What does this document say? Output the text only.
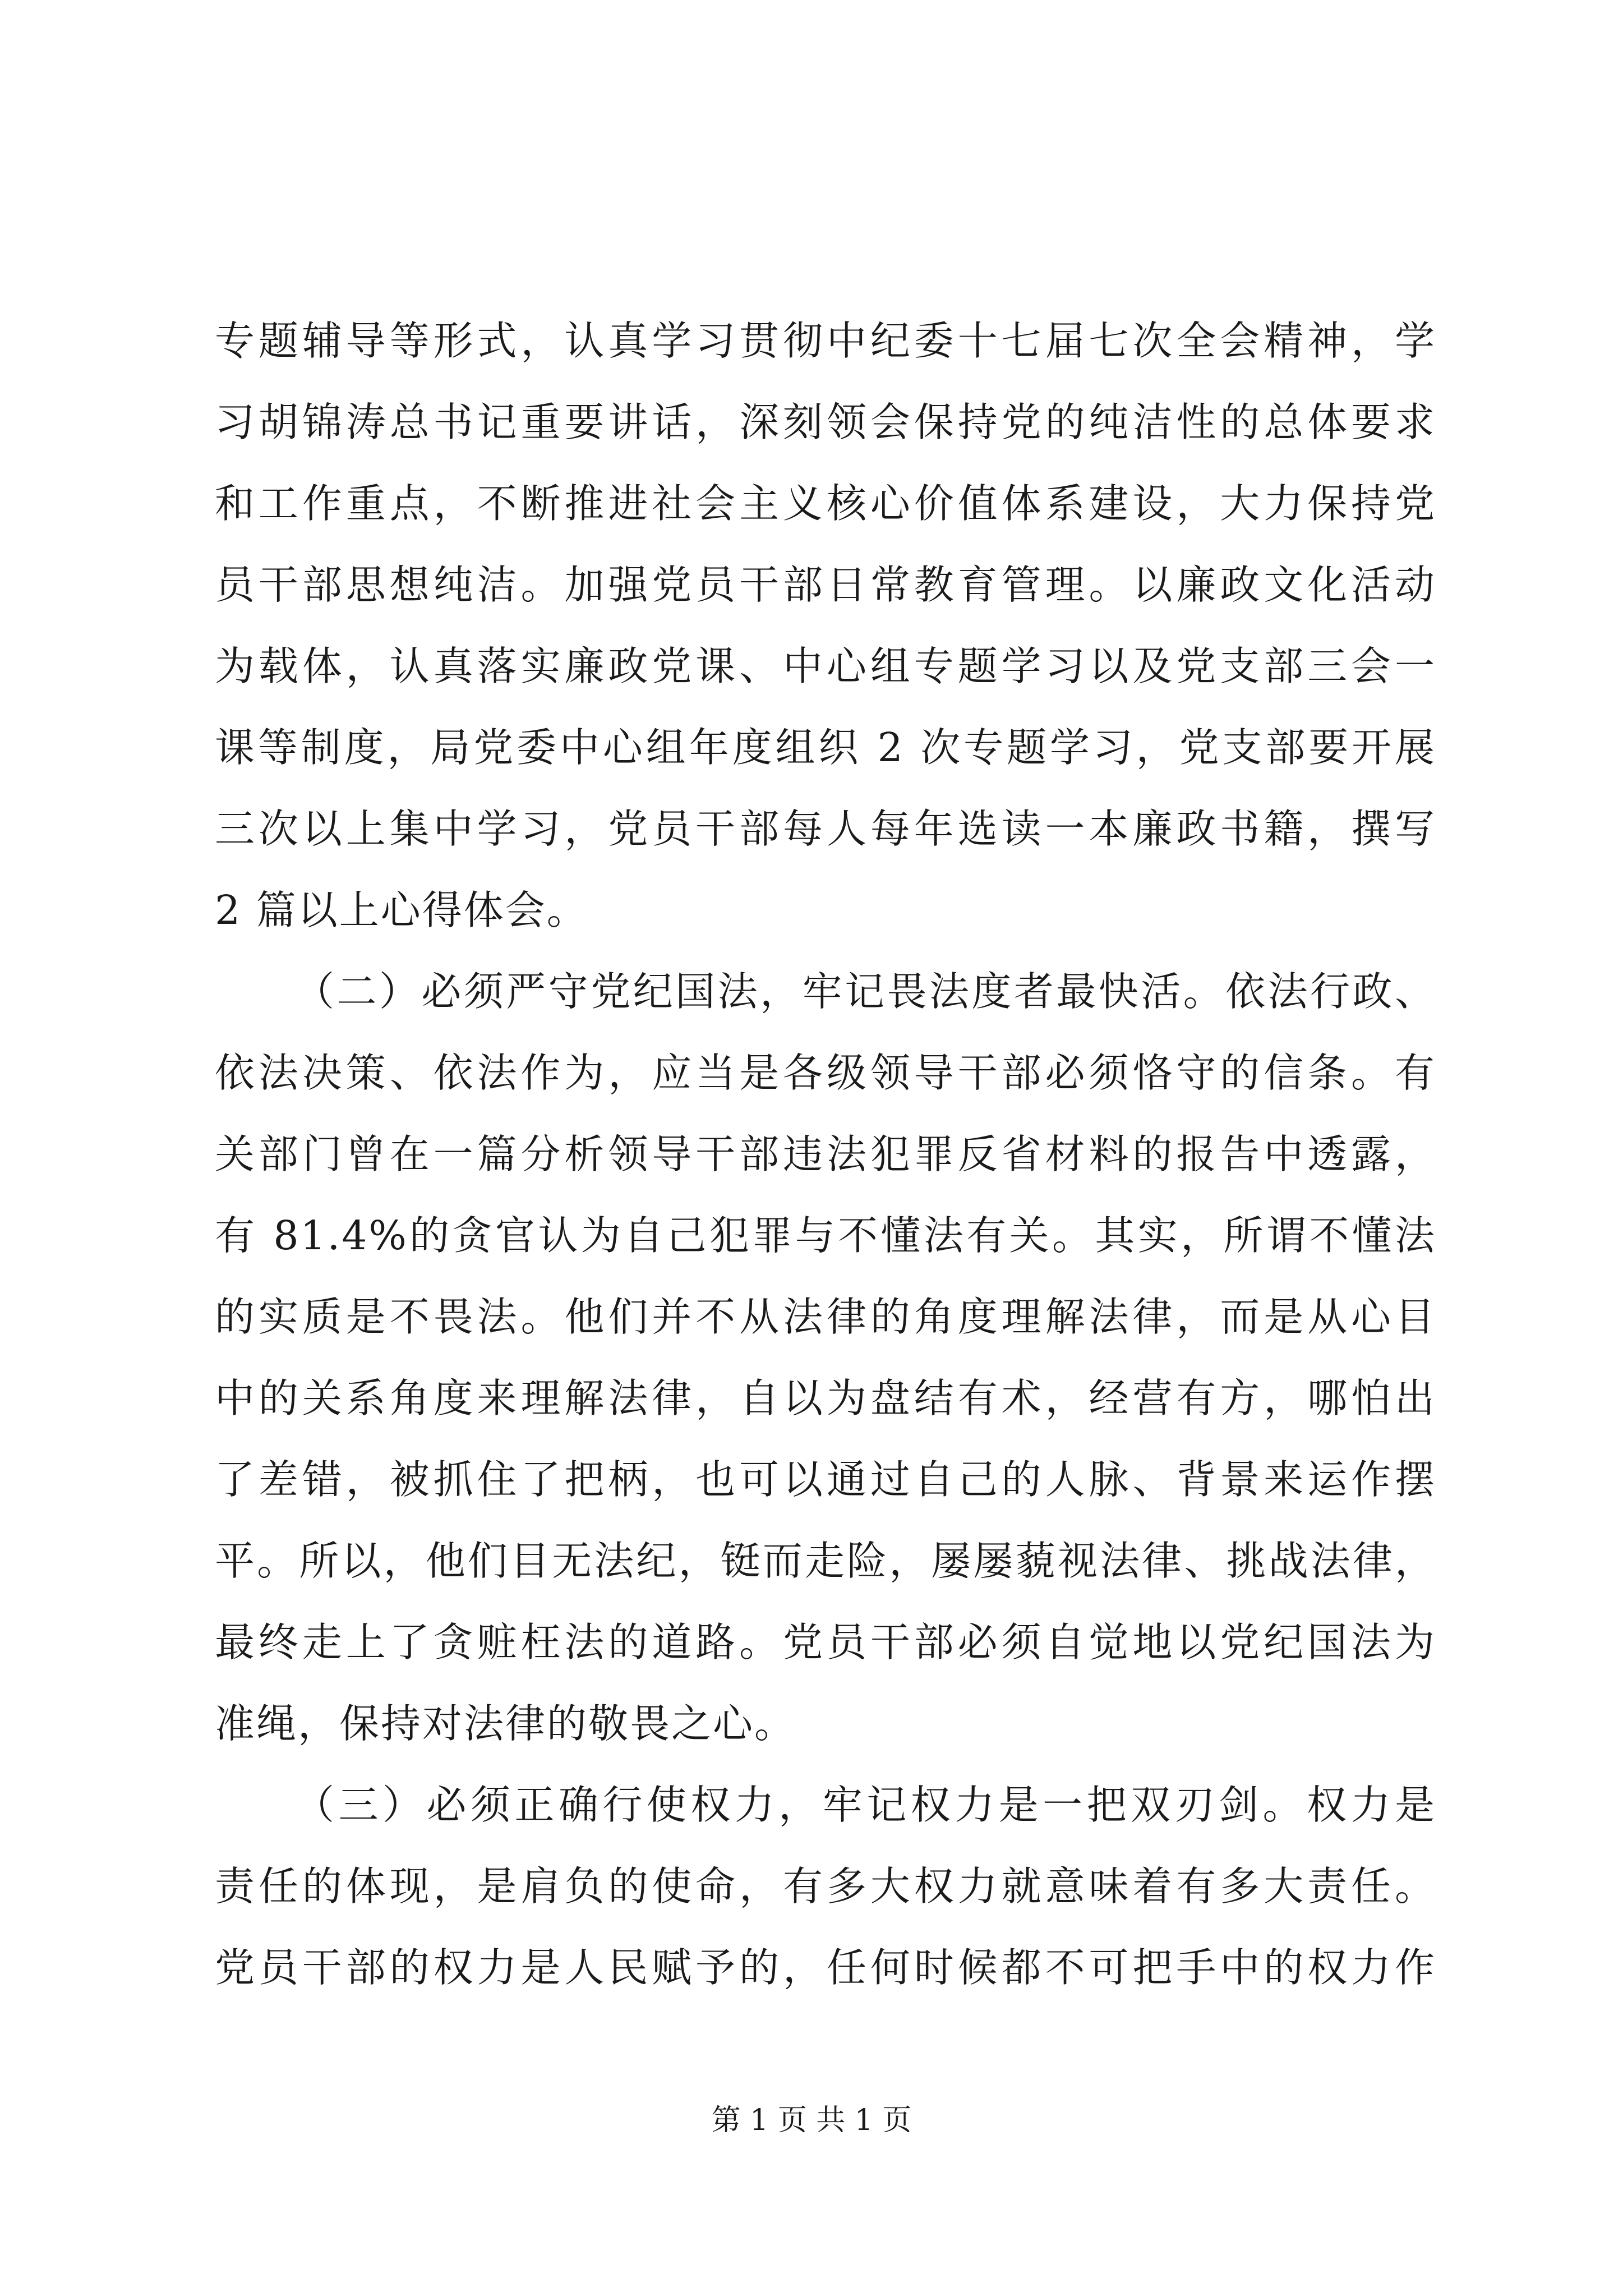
专题辅导等形式，认真学习贯彻中纪委十七届七次全会精神，学
习胡锦涛总书记重要讲话，深刻领会保持党的纯洁性的总体要求
和工作重点，不断推进社会主义核心价值体系建设，大力保持党
员干部思想纯洁。加强党员干部日常教育管理。以廉政文化活动
为载体，认真落实廉政党课、中心组专题学习以及党支部三会一
课等制度，局党委中心组年度组织 2 次专题学习，党支部要开展
三次以上集中学习，党员干部每人每年选读一本廉政书籍，撰写
2 篇以上心得体会。
（二）必须严守党纪国法，牢记畏法度者最快活。依法行政、
依法决策、依法作为，应当是各级领导干部必须恪守的信条。有
关部门曾在一篇分析领导干部违法犯罪反省材料的报告中透露，
有 81.4%的贪官认为自己犯罪与不懂法有关。其实，所谓不懂法
的实质是不畏法。他们并不从法律的角度理解法律，而是从心目
中的关系角度来理解法律，自以为盘结有术，经营有方，哪怕出
了差错，被抓住了把柄，也可以通过自己的人脉、背景来运作摆
平。所以，他们目无法纪，铤而走险，屡屡藐视法律、挑战法律，
最终走上了贪赃枉法的道路。党员干部必须自觉地以党纪国法为
准绳，保持对法律的敬畏之心。
（三）必须正确行使权力，牢记权力是一把双刃剑。权力是
责任的体现，是肩负的使命，有多大权力就意味着有多大责任。
党员干部的权力是人民赋予的，任何时候都不可把手中的权力作
第 1 页 共 1 页
